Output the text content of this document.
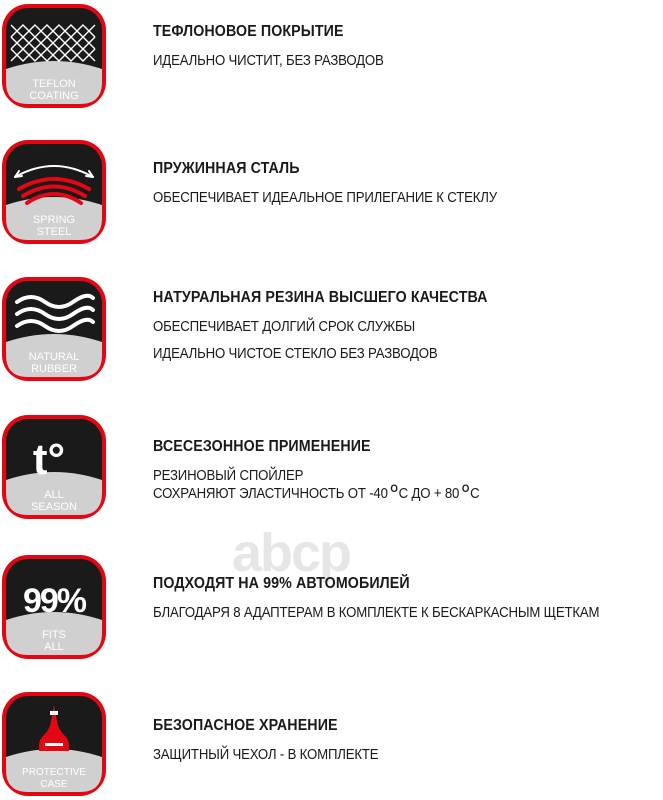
abcp
TEFLON
COATING
ТЕФЛОНОВОЕ ПОКРЫТИЕ
ИДЕАЛЬНО ЧИСТИТ, БЕЗ РАЗВОДОВ
SPRING
STEEL
ПРУЖИННАЯ СТАЛЬ
ОБЕСПЕЧИВАЕТ ИДЕАЛЬНОЕ ПРИЛЕГАНИЕ К СТЕКЛУ
NATURAL
RUBBER
НАТУРАЛЬНАЯ РЕЗИНА ВЫСШЕГО КАЧЕСТВА
ОБЕСПЕЧИВАЕТ ДОЛГИЙ СРОК СЛУЖБЫ
ИДЕАЛЬНО ЧИСТОЕ СТЕКЛО БЕЗ РАЗВОДОВ
t°
ALL
SEASON
ВСЕСЕЗОННОЕ ПРИМЕНЕНИЕ
РЕЗИНОВЫЙ СПОЙЛЕР
СОХРАНЯЮТ ЭЛАСТИЧНОСТЬ ОТ -40 $^О$С ДО + 80 $^О$С
99%
FITS
ALL
ПОДХОДЯТ НА 99% АВТОМОБИЛЕЙ
БЛАГОДАРЯ 8 АДАПТЕРАМ В КОМПЛЕКТЕ К БЕСКАРКАСНЫМ ЩЕТКАМ
PROTECTIVE
CASE
БЕЗОПАСНОЕ ХРАНЕНИЕ
ЗАЩИТНЫЙ ЧЕХОЛ - В КОМПЛЕКТЕ
